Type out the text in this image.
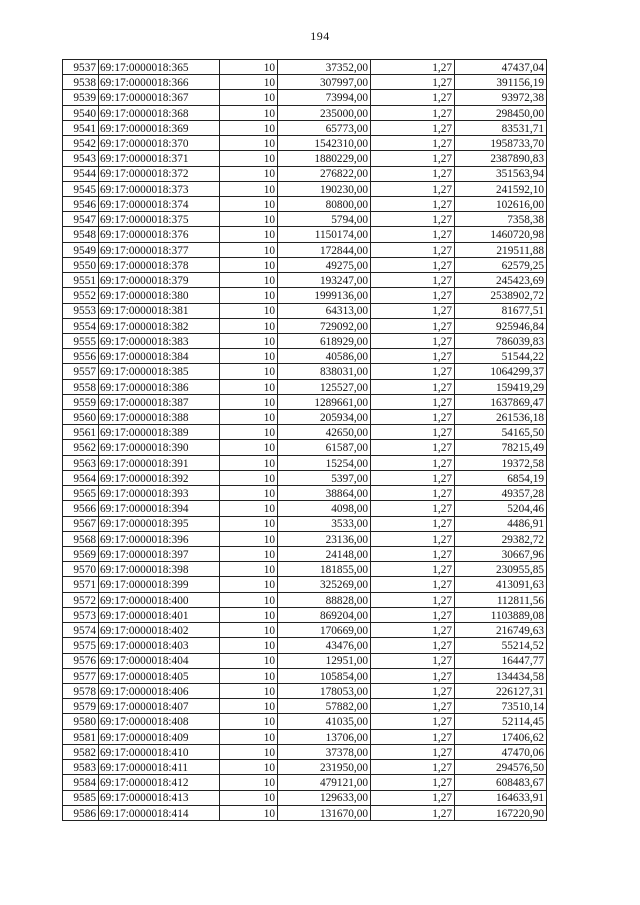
194
9537	69:17:0000018:365	10	37352,00	1,27	47437,04
9538	69:17:0000018:366	10	307997,00	1,27	391156,19
9539	69:17:0000018:367	10	73994,00	1,27	93972,38
9540	69:17:0000018:368	10	235000,00	1,27	298450,00
9541	69:17:0000018:369	10	65773,00	1,27	83531,71
9542	69:17:0000018:370	10	1542310,00	1,27	1958733,70
9543	69:17:0000018:371	10	1880229,00	1,27	2387890,83
9544	69:17:0000018:372	10	276822,00	1,27	351563,94
9545	69:17:0000018:373	10	190230,00	1,27	241592,10
9546	69:17:0000018:374	10	80800,00	1,27	102616,00
9547	69:17:0000018:375	10	5794,00	1,27	7358,38
9548	69:17:0000018:376	10	1150174,00	1,27	1460720,98
9549	69:17:0000018:377	10	172844,00	1,27	219511,88
9550	69:17:0000018:378	10	49275,00	1,27	62579,25
9551	69:17:0000018:379	10	193247,00	1,27	245423,69
9552	69:17:0000018:380	10	1999136,00	1,27	2538902,72
9553	69:17:0000018:381	10	64313,00	1,27	81677,51
9554	69:17:0000018:382	10	729092,00	1,27	925946,84
9555	69:17:0000018:383	10	618929,00	1,27	786039,83
9556	69:17:0000018:384	10	40586,00	1,27	51544,22
9557	69:17:0000018:385	10	838031,00	1,27	1064299,37
9558	69:17:0000018:386	10	125527,00	1,27	159419,29
9559	69:17:0000018:387	10	1289661,00	1,27	1637869,47
9560	69:17:0000018:388	10	205934,00	1,27	261536,18
9561	69:17:0000018:389	10	42650,00	1,27	54165,50
9562	69:17:0000018:390	10	61587,00	1,27	78215,49
9563	69:17:0000018:391	10	15254,00	1,27	19372,58
9564	69:17:0000018:392	10	5397,00	1,27	6854,19
9565	69:17:0000018:393	10	38864,00	1,27	49357,28
9566	69:17:0000018:394	10	4098,00	1,27	5204,46
9567	69:17:0000018:395	10	3533,00	1,27	4486,91
9568	69:17:0000018:396	10	23136,00	1,27	29382,72
9569	69:17:0000018:397	10	24148,00	1,27	30667,96
9570	69:17:0000018:398	10	181855,00	1,27	230955,85
9571	69:17:0000018:399	10	325269,00	1,27	413091,63
9572	69:17:0000018:400	10	88828,00	1,27	112811,56
9573	69:17:0000018:401	10	869204,00	1,27	1103889,08
9574	69:17:0000018:402	10	170669,00	1,27	216749,63
9575	69:17:0000018:403	10	43476,00	1,27	55214,52
9576	69:17:0000018:404	10	12951,00	1,27	16447,77
9577	69:17:0000018:405	10	105854,00	1,27	134434,58
9578	69:17:0000018:406	10	178053,00	1,27	226127,31
9579	69:17:0000018:407	10	57882,00	1,27	73510,14
9580	69:17:0000018:408	10	41035,00	1,27	52114,45
9581	69:17:0000018:409	10	13706,00	1,27	17406,62
9582	69:17:0000018:410	10	37378,00	1,27	47470,06
9583	69:17:0000018:411	10	231950,00	1,27	294576,50
9584	69:17:0000018:412	10	479121,00	1,27	608483,67
9585	69:17:0000018:413	10	129633,00	1,27	164633,91
9586	69:17:0000018:414	10	131670,00	1,27	167220,90
